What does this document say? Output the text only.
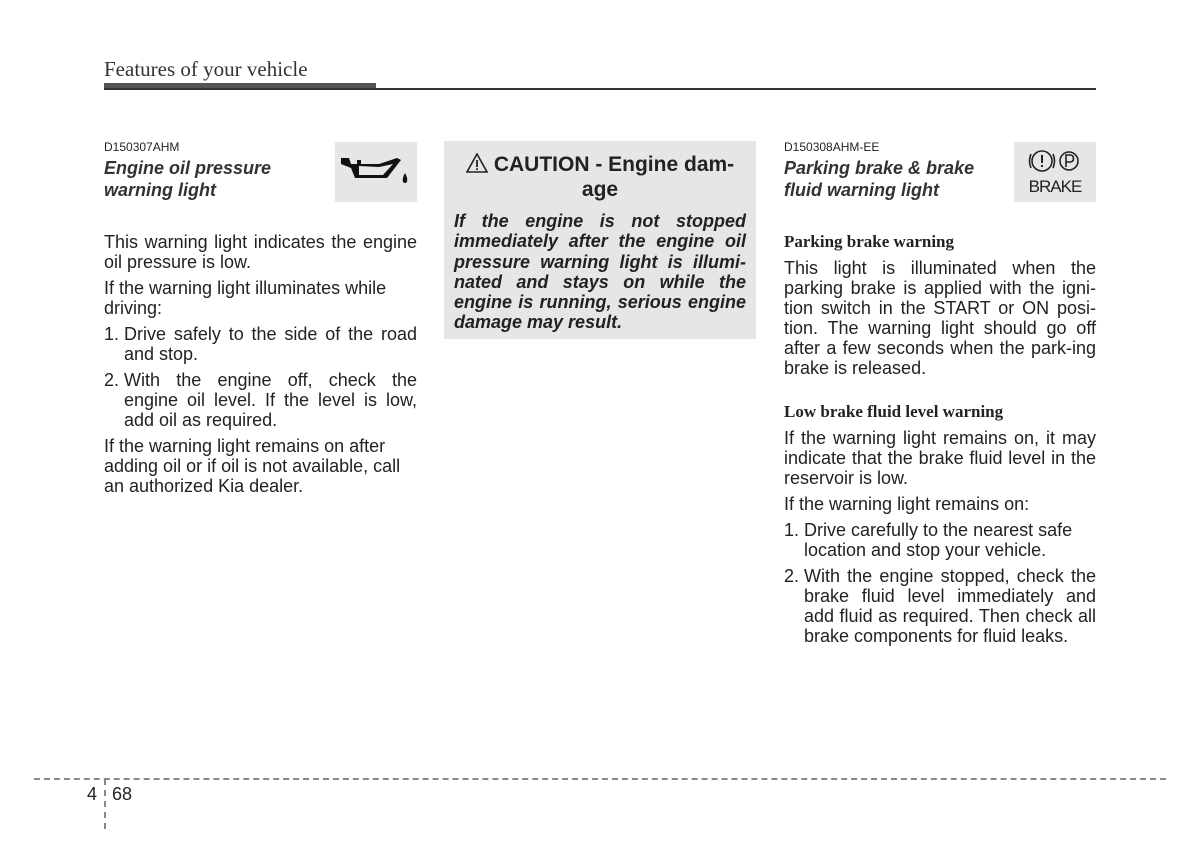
Features of your vehicle

D150307AHM

Engine oil pressure
warning light

This warning light indicates the engine oil pressure is low.

If the warning light illuminates while driving:

1. Drive safely to the side of the road and stop.
2. With the engine off, check the engine oil level. If the level is low, add oil as required.

If the warning light remains on after adding oil or if oil is not available, call an authorized Kia dealer.

CAUTION - Engine dam-
age
If the engine is not stopped immediately after the engine oil pressure warning light is illumi-nated and stays on while the engine is running, serious engine damage may result.

D150308AHM-EE

Parking brake & brake
fluid warning light	BRAKE

Parking brake warning

This light is illuminated when the parking brake is applied with the igni-tion switch in the START or ON posi-tion. The warning light should go off after a few seconds when the park-ing brake is released.

Low brake fluid level warning

If the warning light remains on, it may indicate that the brake fluid level in the reservoir is low.

If the warning light remains on:

1. Drive carefully to the nearest safe location and stop your vehicle.
2. With the engine stopped, check the brake fluid level immediately and add fluid as required. Then check all brake components for fluid leaks.
4 68
